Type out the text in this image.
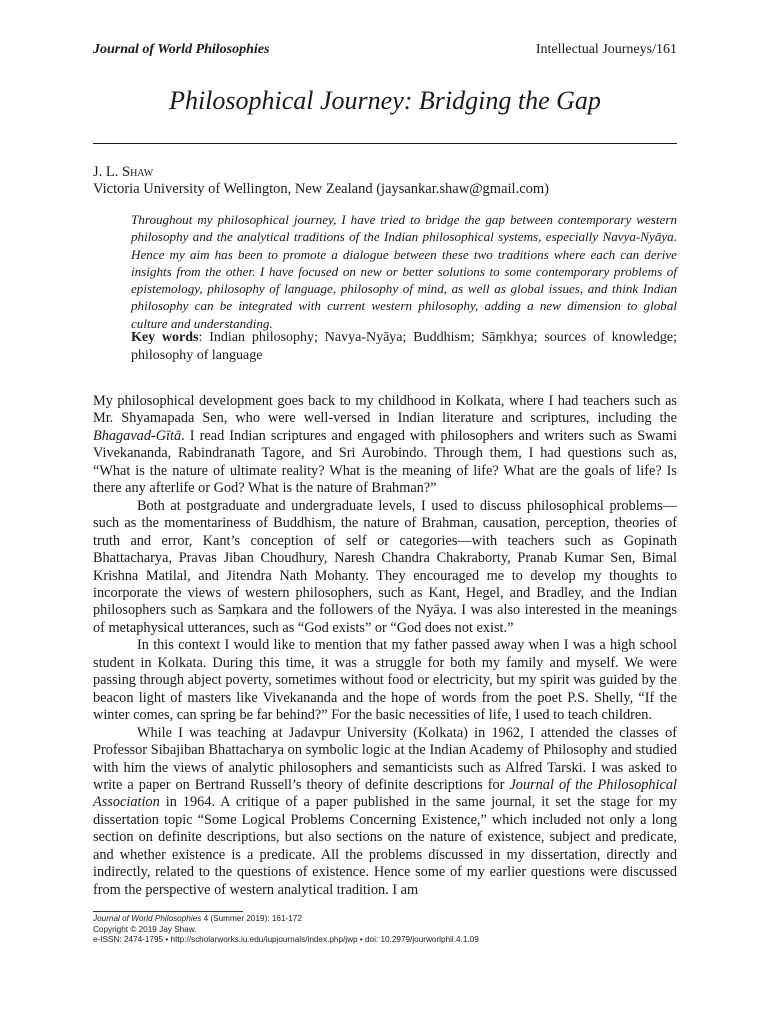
Journal of World Philosophies	Intellectual Journeys/161
Philosophical Journey: Bridging the Gap
J. L. Shaw
Victoria University of Wellington, New Zealand (jaysankar.shaw@gmail.com)

Throughout my philosophical journey, I have tried to bridge the gap between contemporary western philosophy and the analytical traditions of the Indian philosophical systems, especially Navya-Nyāya. Hence my aim has been to promote a dialogue between these two traditions where each can derive insights from the other. I have focused on new or better solutions to some contemporary problems of epistemology, philosophy of language, philosophy of mind, as well as global issues, and think Indian philosophy can be integrated with current western philosophy, adding a new dimension to global culture and understanding.

Key words: Indian philosophy; Navya-Nyāya; Buddhism; Sāṃkhya; sources of knowledge; philosophy of language

My philosophical development goes back to my childhood in Kolkata, where I had teachers such as Mr. Shyamapada Sen, who were well-versed in Indian literature and scriptures, including the Bhagavad-Gītā. I read Indian scriptures and engaged with philosophers and writers such as Swami Vivekananda, Rabindranath Tagore, and Sri Aurobindo. Through them, I had questions such as, “What is the nature of ultimate reality? What is the meaning of life? What are the goals of life? Is there any afterlife or God? What is the nature of Brahman?”

Both at postgraduate and undergraduate levels, I used to discuss philosophical problems—such as the momentariness of Buddhism, the nature of Brahman, causation, perception, theories of truth and error, Kant’s conception of self or categories—with teachers such as Gopinath Bhattacharya, Pravas Jiban Choudhury, Naresh Chandra Chakraborty, Pranab Kumar Sen, Bimal Krishna Matilal, and Jitendra Nath Mohanty. They encouraged me to develop my thoughts to incorporate the views of western philosophers, such as Kant, Hegel, and Bradley, and the Indian philosophers such as Saṃkara and the followers of the Nyāya. I was also interested in the meanings of metaphysical utterances, such as “God exists” or “God does not exist.”

In this context I would like to mention that my father passed away when I was a high school student in Kolkata. During this time, it was a struggle for both my family and myself. We were passing through abject poverty, sometimes without food or electricity, but my spirit was guided by the beacon light of masters like Vivekananda and the hope of words from the poet P.S. Shelly, “If the winter comes, can spring be far behind?” For the basic necessities of life, I used to teach children.

While I was teaching at Jadavpur University (Kolkata) in 1962, I attended the classes of Professor Sibajiban Bhattacharya on symbolic logic at the Indian Academy of Philosophy and studied with him the views of analytic philosophers and semanticists such as Alfred Tarski. I was asked to write a paper on Bertrand Russell’s theory of definite descriptions for Journal of the Philosophical Association in 1964. A critique of a paper published in the same journal, it set the stage for my dissertation topic “Some Logical Problems Concerning Existence,” which included not only a long section on definite descriptions, but also sections on the nature of existence, subject and predicate, and whether existence is a predicate. All the problems discussed in my dissertation, directly and indirectly, related to the questions of existence. Hence some of my earlier questions were discussed from the perspective of western analytical tradition. I am

Journal of World Philosophies 4 (Summer 2019): 161-172
Copyright © 2019 Jay Shaw.
e-ISSN: 2474-1795 • http://scholarworks.iu.edu/iupjournals/index.php/jwp • doi: 10.2979/jourworlphil.4.1.09
